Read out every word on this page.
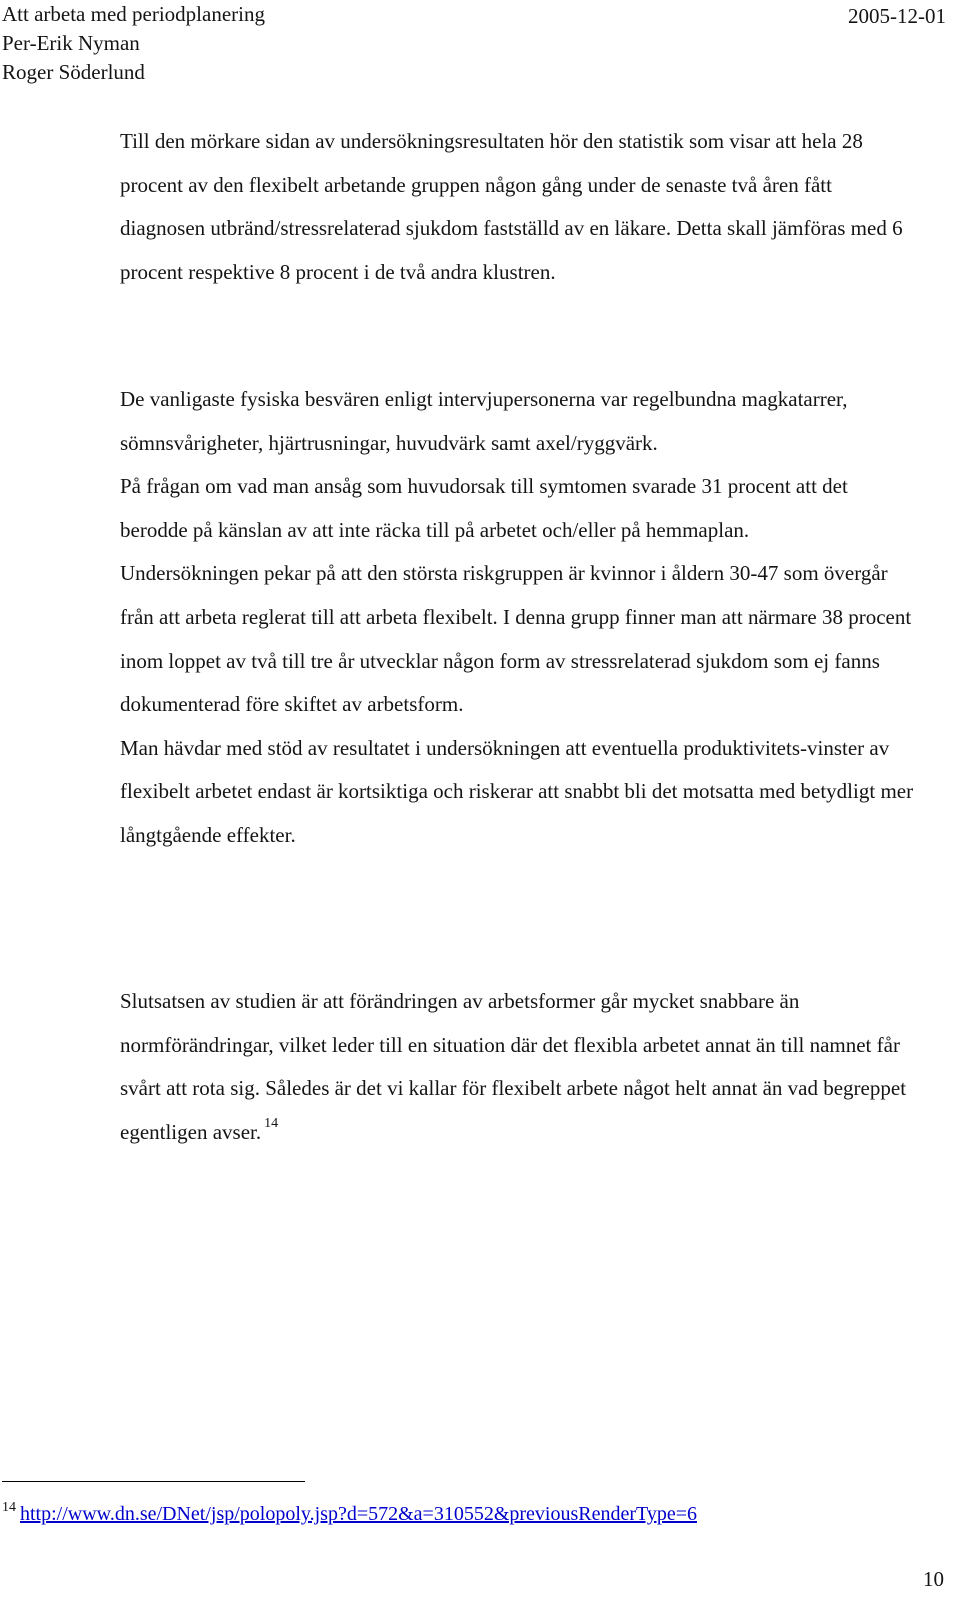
Att arbeta med periodplanering
Per-Erik Nyman
Roger Söderlund
2005-12-01

Till den mörkare sidan av undersökningsresultaten hör den statistik som visar att hela 28 procent av den flexibelt arbetande gruppen någon gång under de senaste två åren fått diagnosen utbränd/stressrelaterad sjukdom fastställd av en läkare. Detta skall jämföras med 6 procent respektive 8 procent i de två andra klustren.

De vanligaste fysiska besvären enligt intervjupersonerna var regelbundna magkatarrer, sömnsvårigheter, hjärtrusningar, huvudvärk samt axel/ryggvärk.

På frågan om vad man ansåg som huvudorsak till symtomen svarade 31 procent att det berodde på känslan av att inte räcka till på arbetet och/eller på hemmaplan.

Undersökningen pekar på att den största riskgruppen är kvinnor i åldern 30-47 som övergår från att arbeta reglerat till att arbeta flexibelt. I denna grupp finner man att närmare 38 procent inom loppet av två till tre år utvecklar någon form av stressrelaterad sjukdom som ej fanns dokumenterad före skiftet av arbetsform.

Man hävdar med stöd av resultatet i undersökningen att eventuella produktivitets-vinster av flexibelt arbetet endast är kortsiktiga och riskerar att snabbt bli det motsatta med betydligt mer långtgående effekter.

Slutsatsen av studien är att förändringen av arbetsformer går mycket snabbare än normförändringar, vilket leder till en situation där det flexibla arbetet annat än till namnet får svårt att rota sig. Således är det vi kallar för flexibelt arbete något helt annat än vad begreppet egentligen avser. $^{14}$

$^{14}$ http://www.dn.se/DNet/jsp/polopoly.jsp?d=572&a=310552&previousRenderType=6
10
